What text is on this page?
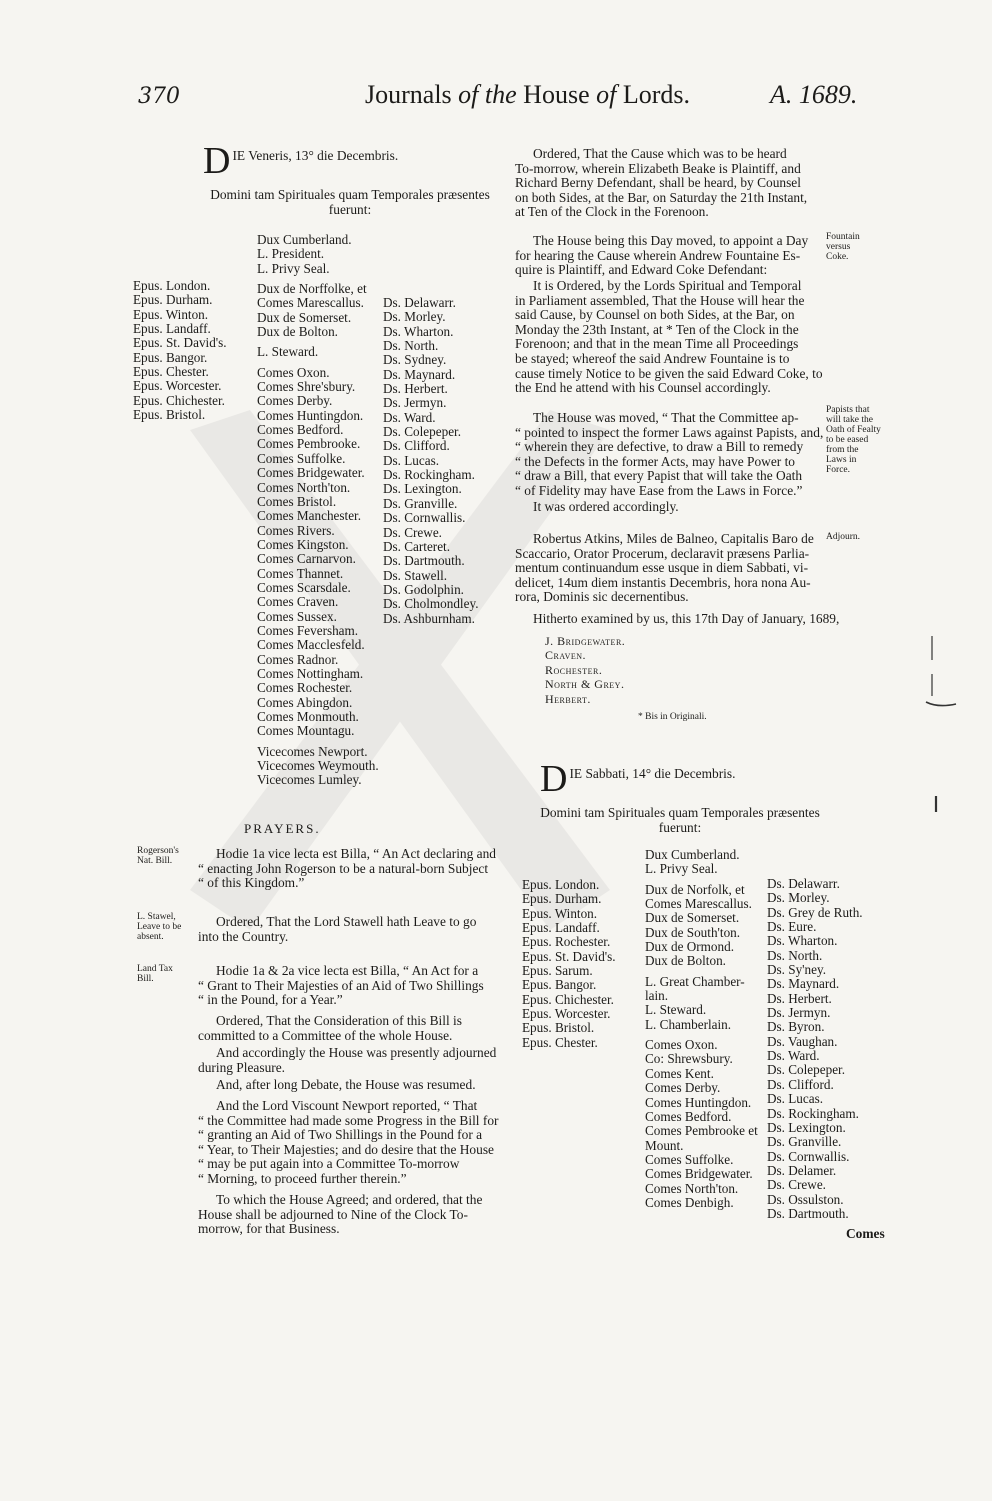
370	Journals of the House of Lords.	A. 1689.
D IE Veneris, 13° die Decembris.
Domini tam Spirituales quam Temporales præsentes
fuerunt:
Epus. London.
Epus. Durham.
Epus. Winton.
Epus. Landaff.
Epus. St. David's.
Epus. Bangor.
Epus. Chester.
Epus. Worcester.
Epus. Chichester.
Epus. Bristol.
Dux Cumberland.
L. President.
L. Privy Seal.
Dux de Norffolke, et
Comes Marescallus.
Dux de Somerset.
Dux de Bolton.
L. Steward.
Comes Oxon.
Comes Shre'sbury.
Comes Derby.
Comes Huntingdon.
Comes Bedford.
Comes Pembrooke.
Comes Suffolke.
Comes Bridgewater.
Comes North'ton.
Comes Bristol.
Comes Manchester.
Comes Rivers.
Comes Kingston.
Comes Carnarvon.
Comes Thannet.
Comes Scarsdale.
Comes Craven.
Comes Sussex.
Comes Feversham.
Comes Macclesfeld.
Comes Radnor.
Comes Nottingham.
Comes Rochester.
Comes Abingdon.
Comes Monmouth.
Comes Mountagu.
Vicecomes Newport.
Vicecomes Weymouth.
Vicecomes Lumley.
Ds. Delawarr.
Ds. Morley.
Ds. Wharton.
Ds. North.
Ds. Sydney.
Ds. Maynard.
Ds. Herbert.
Ds. Jermyn.
Ds. Ward.
Ds. Colepeper.
Ds. Clifford.
Ds. Lucas.
Ds. Rockingham.
Ds. Lexington.
Ds. Granville.
Ds. Cornwallis.
Ds. Crewe.
Ds. Carteret.
Ds. Dartmouth.
Ds. Stawell.
Ds. Godolphin.
Ds. Cholmondley.
Ds. Ashburnham.
PRAYERS.
Rogerson's
Nat. Bill.
L. Stawel,
Leave to be
absent.
Land Tax
Bill.
Hodie 1a vice lecta est Billa, “ An Act declaring and
“ enacting John Rogerson to be a natural-born Subject
“ of this Kingdom.”
Ordered, That the Lord Stawell hath Leave to go
into the Country.
Hodie 1a & 2a vice lecta est Billa, “ An Act for a
“ Grant to Their Majesties of an Aid of Two Shillings
“ in the Pound, for a Year.”
Ordered, That the Consideration of this Bill is
committed to a Committee of the whole House.
And accordingly the House was presently adjourned
during Pleasure.
And, after long Debate, the House was resumed.
And the Lord Viscount Newport reported, “ That
“ the Committee had made some Progress in the Bill for
“ granting an Aid of Two Shillings in the Pound for a
“ Year, to Their Majesties; and do desire that the House
“ may be put again into a Committee To-morrow
“ Morning, to proceed further therein.”
To which the House Agreed; and ordered, that the
House shall be adjourned to Nine of the Clock To-
morrow, for that Business.
Ordered, That the Cause which was to be heard
To-morrow, wherein Elizabeth Beake is Plaintiff, and
Richard Berny Defendant, shall be heard, by Counsel
on both Sides, at the Bar, on Saturday the 21th Instant,
at Ten of the Clock in the Forenoon.
The House being this Day moved, to appoint a Day
for hearing the Cause wherein Andrew Fountaine Es-
quire is Plaintiff, and Edward Coke Defendant:
Fountain
versus
Coke.
It is Ordered, by the Lords Spiritual and Temporal
in Parliament assembled, That the House will hear the
said Cause, by Counsel on both Sides, at the Bar, on
Monday the 23th Instant, at * Ten of the Clock in the
Forenoon; and that in the mean Time all Proceedings
be stayed; whereof the said Andrew Fountaine is to
cause timely Notice to be given the said Edward Coke, to
the End he attend with his Counsel accordingly.
The House was moved, “ That the Committee ap-
“ pointed to inspect the former Laws against Papists, and,
“ wherein they are defective, to draw a Bill to remedy
“ the Defects in the former Acts, may have Power to
“ draw a Bill, that every Papist that will take the Oath
“ of Fidelity may have Ease from the Laws in Force.”
Papists that
will take the
Oath of Fealty
to be eased
from the
Laws in
Force.
It was ordered accordingly.
Robertus Atkins, Miles de Balneo, Capitalis Baro de
Scaccario, Orator Procerum, declaravit præsens Parlia-
mentum continuandum esse usque in diem Sabbati, vi-
delicet, 14um diem instantis Decembris, hora nona Au-
rora, Dominis sic decernentibus.
Adjourn.
Hitherto examined by us, this 17th Day of January, 1689,
J. Bridgewater.
Craven.
Rochester.
North & Grey.
Herbert.
* Bis in Originali.
D IE Sabbati, 14° die Decembris.
Domini tam Spirituales quam Temporales præsentes
fuerunt:
Epus. London.
Epus. Durham.
Epus. Winton.
Epus. Landaff.
Epus. Rochester.
Epus. St. David's.
Epus. Sarum.
Epus. Bangor.
Epus. Chichester.
Epus. Worcester.
Epus. Bristol.
Epus. Chester.
Dux Cumberland.
L. Privy Seal.
Dux de Norfolk, et
Comes Marescallus.
Dux de Somerset.
Dux de South'ton.
Dux de Ormond.
Dux de Bolton.
L. Great Chamber-
lain.
L. Steward.
L. Chamberlain.
Comes Oxon.
Co: Shrewsbury.
Comes Kent.
Comes Derby.
Comes Huntingdon.
Comes Bedford.
Comes Pembrooke et
Mount.
Comes Suffolke.
Comes Bridgewater.
Comes North'ton.
Comes Denbigh.
Ds. Delawarr.
Ds. Morley.
Ds. Grey de Ruth.
Ds. Eure.
Ds. Wharton.
Ds. North.
Ds. Sy'ney.
Ds. Maynard.
Ds. Herbert.
Ds. Jermyn.
Ds. Byron.
Ds. Vaughan.
Ds. Ward.
Ds. Colepeper.
Ds. Clifford.
Ds. Lucas.
Ds. Rockingham.
Ds. Lexington.
Ds. Granville.
Ds. Cornwallis.
Ds. Delamer.
Ds. Crewe.
Ds. Ossulston.
Ds. Dartmouth.
Comes
